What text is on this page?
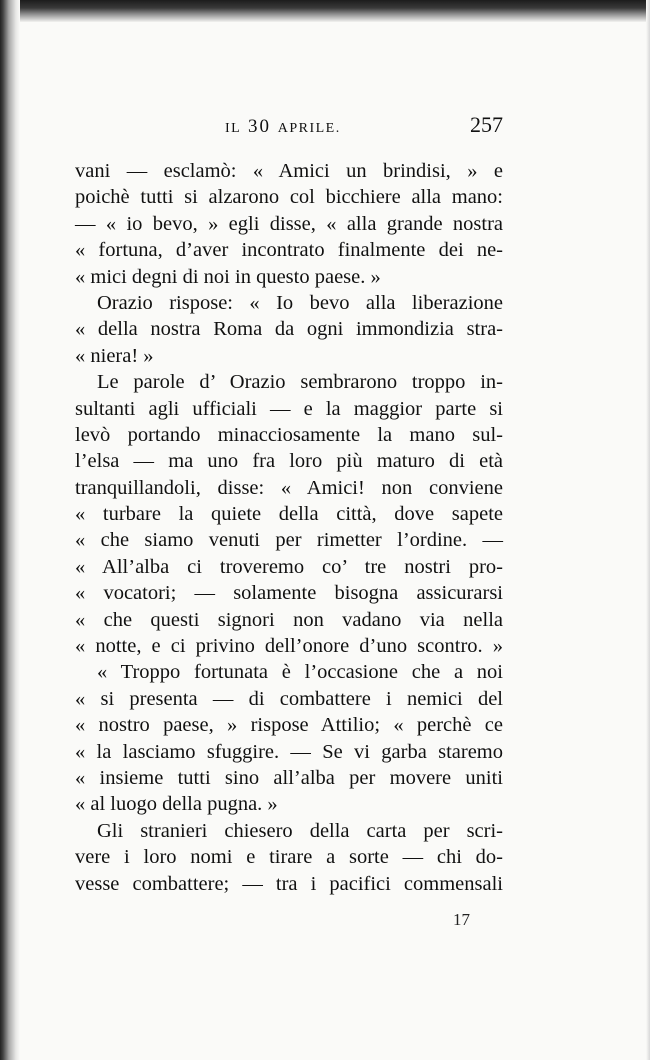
IL 30 APRILE.	257
vani — esclamò: « Amici un brindisi, » e
poichè tutti si alzarono col bicchiere alla mano:
— « io bevo, » egli disse, « alla grande nostra
« fortuna, d’aver incontrato finalmente dei ne-
« mici degni di noi in questo paese. »
Orazio rispose: « Io bevo alla liberazione
« della nostra Roma da ogni immondizia stra-
« niera! »
Le parole d’ Orazio sembrarono troppo in-
sultanti agli ufficiali — e la maggior parte si
levò portando minacciosamente la mano sul-
l’elsa — ma uno fra loro più maturo di età
tranquillandoli, disse: « Amici! non conviene
« turbare la quiete della città, dove sapete
« che siamo venuti per rimetter l’ordine. —
« All’alba ci troveremo co’ tre nostri pro-
« vocatori; — solamente bisogna assicurarsi
« che questi signori non vadano via nella
« notte, e ci privino dell’onore d’uno scontro. »
« Troppo fortunata è l’occasione che a noi
« si presenta — di combattere i nemici del
« nostro paese, » rispose Attilio; « perchè ce
« la lasciamo sfuggire. — Se vi garba staremo
« insieme tutti sino all’alba per movere uniti
« al luogo della pugna. »
Gli stranieri chiesero della carta per scri-
vere i loro nomi e tirare a sorte — chi do-
vesse combattere; — tra i pacifici commensali
17
